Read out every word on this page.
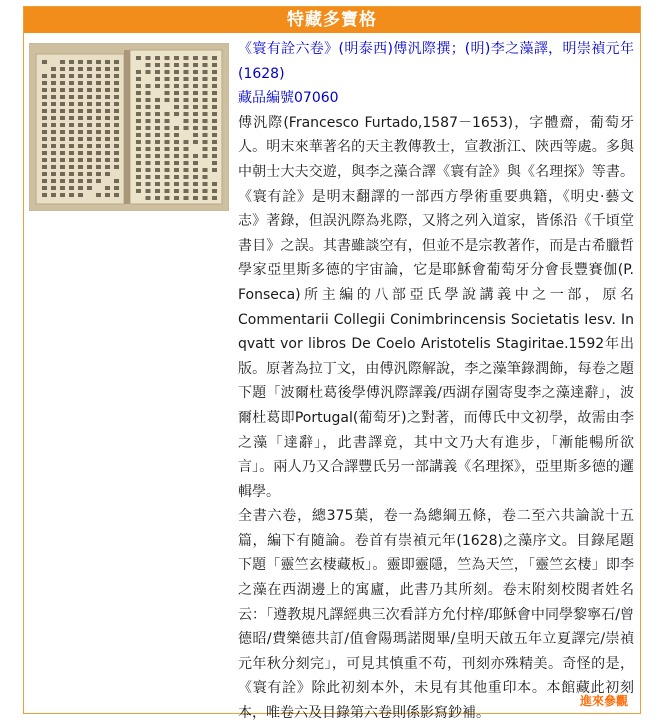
特藏多寶格

《寰有詮六卷》(明泰西)傅汎際撰；(明)李之藻譯，明崇禎元年(1628)

藏品編號07060

傅汎際(Francesco Furtado,1587－1653)，字體齋，葡萄牙人。明末來華著名的天主教傳教士，宣教浙江、陝西等處。多與中朝士大夫交遊，與李之藻合譯《寰有詮》與《名理探》等書。《寰有詮》是明末翻譯的一部西方學術重要典籍，《明史·藝文志》著錄，但誤汎際為兆際，又將之列入道家，皆係沿《千頃堂書目》之誤。其書雖談空有，但並不是宗教著作，而是古希臘哲學家亞里斯多德的宇宙論，它是耶穌會葡萄牙分會長豐賽伽(P. Fonseca)所主編的八部亞氏學說講義中之一部，原名Commentarii Collegii Conimbrincensis Societatis Iesv. In qvatt vor libros De Coelo Aristotelis Stagiritae.1592年出版。原著為拉丁文，由傅汎際解說，李之藻筆錄潤飾，每卷之題下題「波爾杜葛後學傅汎際譯義/西湖存園寄叟李之藻達辭」，波爾杜葛即Portugal(葡萄牙)之對著，而傅氏中文初學，故需由李之藻「達辭」，此書譯竟，其中文乃大有進步，「漸能暢所欲言」。兩人乃又合譯豐氏另一部講義《名理探》，亞里斯多德的邏輯學。

全書六卷，總375葉，卷一為總綱五條，卷二至六共論說十五篇，編下有隨論。卷首有崇禎元年(1628)之藻序文。目錄尾題下題「靈竺玄棲藏板」。靈即靈隱，竺為天竺，「靈竺玄棲」即李之藻在西湖邊上的寓廬，此書乃其所刻。卷末附刻校閱者姓名云：「遵教規凡譯經典三次看詳方允付梓/耶穌會中同學黎寧石/曾德昭/費樂德共訂/值會陽瑪諾閱畢/皇明天啟五年立夏譯完/崇禎元年秋分刻完」，可見其慎重不苟，刊刻亦殊精美。奇怪的是，《寰有詮》除此初刻本外，未見有其他重印本。本館藏此初刻本，唯卷六及目錄第六卷則係影寫鈔補。

進來參觀
